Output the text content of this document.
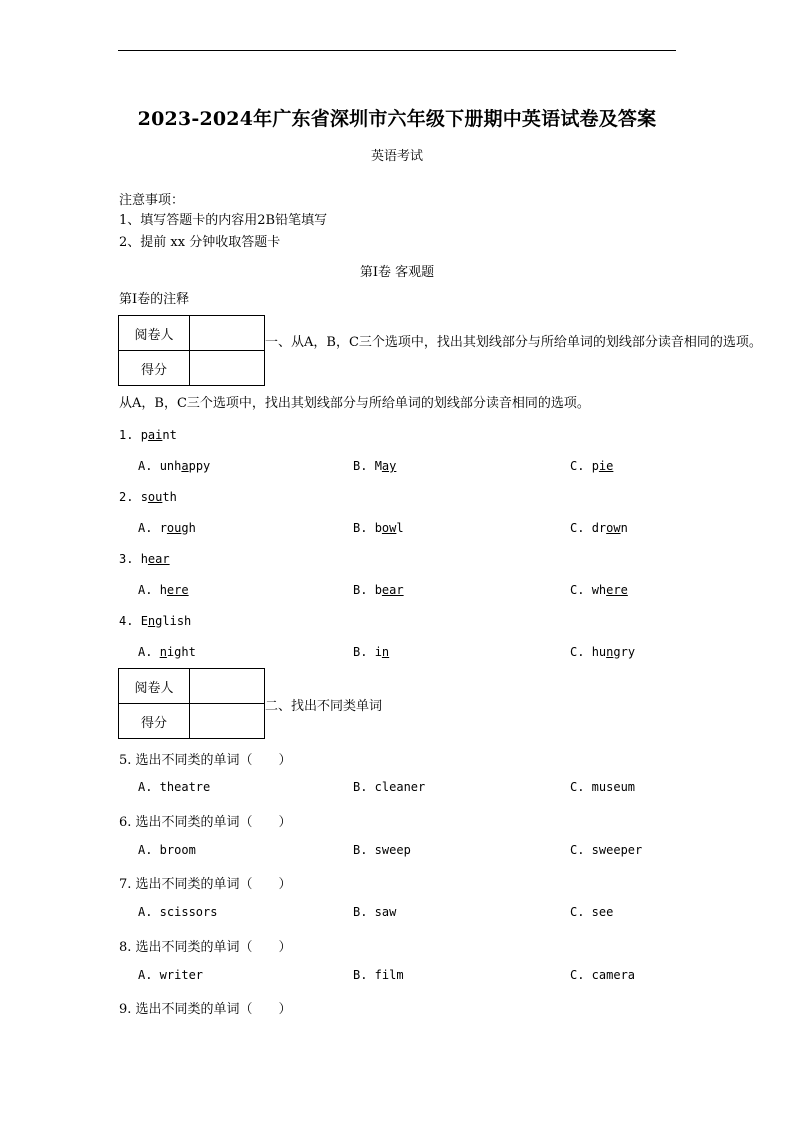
2023-2024年广东省深圳市六年级下册期中英语试卷及答案
英语考试
注意事项：
1、填写答题卡的内容用2B铅笔填写
2、提前 xx 分钟收取答题卡
第Ⅰ卷 客观题
第Ⅰ卷的注释
阅卷人	
得分	
一、从A，B，C三个选项中，找出其划线部分与所给单词的划线部分读音相同的选项。
从A，B，C三个选项中，找出其划线部分与所给单词的划线部分读音相同的选项。
1. paint
A. unhappy	B. May	C. pie
2. south
A. rough	B. bowl	C. drown
3. hear
A. here	B. bear	C. where
4. English
A. night	B. in	C. hungry
阅卷人	
得分	
二、找出不同类单词
5. 选出不同类的单词（　　）
A. theatre	B. cleaner	C. museum
6. 选出不同类的单词（　　）
A. broom	B. sweep	C. sweeper
7. 选出不同类的单词（　　）
A. scissors	B. saw	C. see
8. 选出不同类的单词（　　）
A. writer	B. film	C. camera
9. 选出不同类的单词（　　）
